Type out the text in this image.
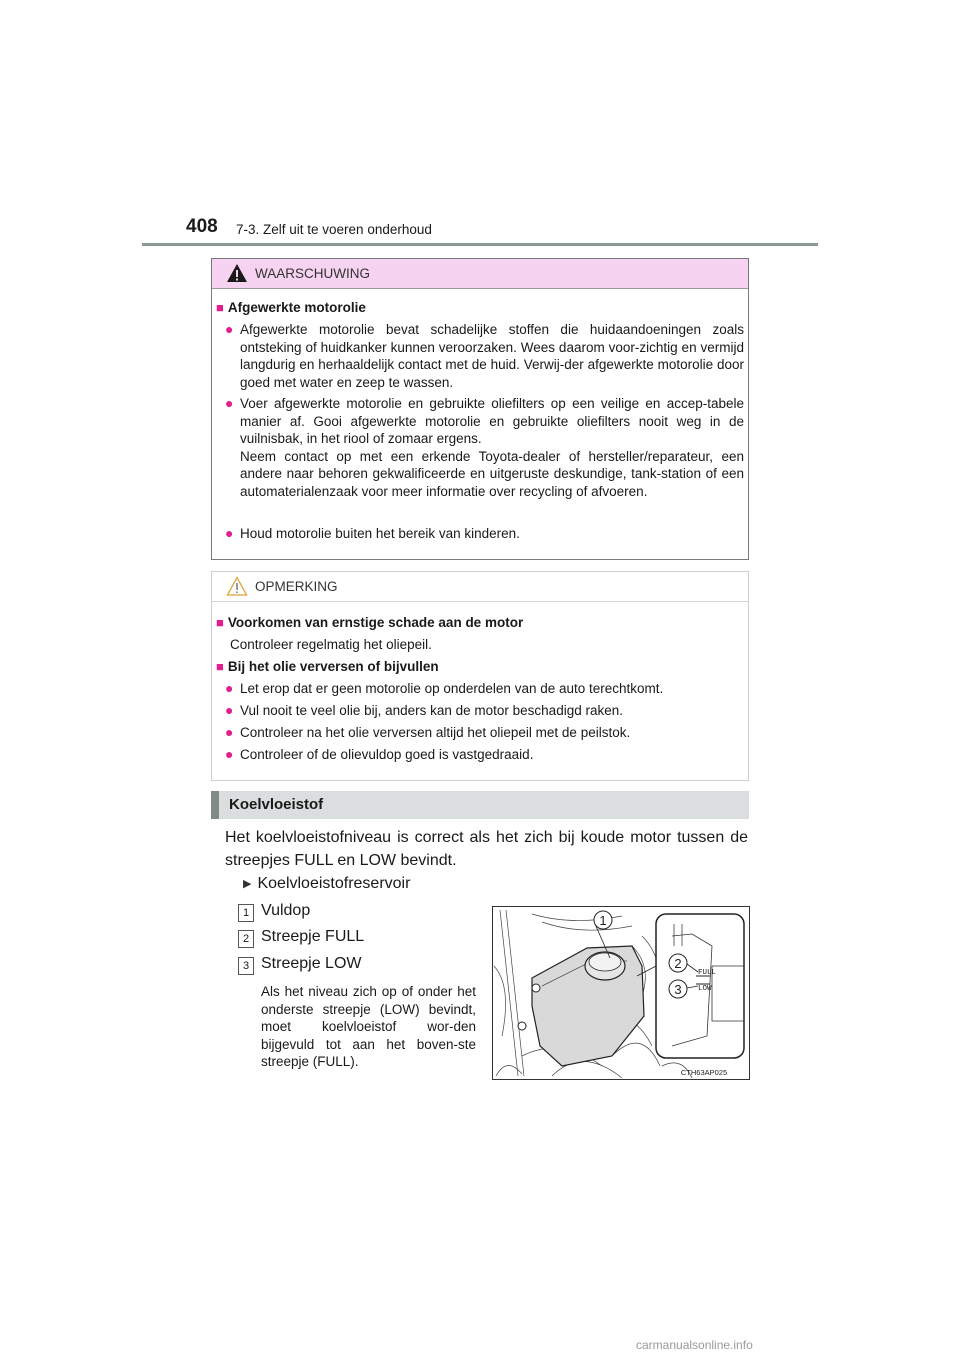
408 7-3. Zelf uit te voeren onderhoud
WAARSCHUWING
■ Afgewerkte motorolie
● Afgewerkte motorolie bevat schadelijke stoffen die huidaandoeningen zoals ontsteking of huidkanker kunnen veroorzaken. Wees daarom voor-zichtig en vermijd langdurig en herhaaldelijk contact met de huid. Verwij-der afgewerkte motorolie door goed met water en zeep te wassen.
● Voer afgewerkte motorolie en gebruikte oliefilters op een veilige en accep-tabele manier af. Gooi afgewerkte motorolie en gebruikte oliefilters nooit weg in de vuilnisbak, in het riool of zomaar ergens.
Neem contact op met een erkende Toyota-dealer of hersteller/reparateur, een andere naar behoren gekwalificeerde en uitgeruste deskundige, tank-station of een automaterialenzaak voor meer informatie over recycling of afvoeren.
● Houd motorolie buiten het bereik van kinderen.
OPMERKING
■ Voorkomen van ernstige schade aan de motor
Controleer regelmatig het oliepeil.
■ Bij het olie verversen of bijvullen
● Let erop dat er geen motorolie op onderdelen van de auto terechtkomt.
● Vul nooit te veel olie bij, anders kan de motor beschadigd raken.
● Controleer na het olie verversen altijd het oliepeil met de peilstok.
● Controleer of de olievuldop goed is vastgedraaid.
Koelvloeistof
Het koelvloeistofniveau is correct als het zich bij koude motor tussen de streepjes FULL en LOW bevindt.
▶ Koelvloeistofreservoir
1 Vuldop
2 Streepje FULL
3 Streepje LOW
Als het niveau zich op of onder het onderste streepje (LOW) bevindt, moet koelvloeistof wor-den bijgevuld tot aan het boven-ste streepje (FULL).
FULL
LOW
1
2
3
CTH63AP025
carmanualsonline.info
